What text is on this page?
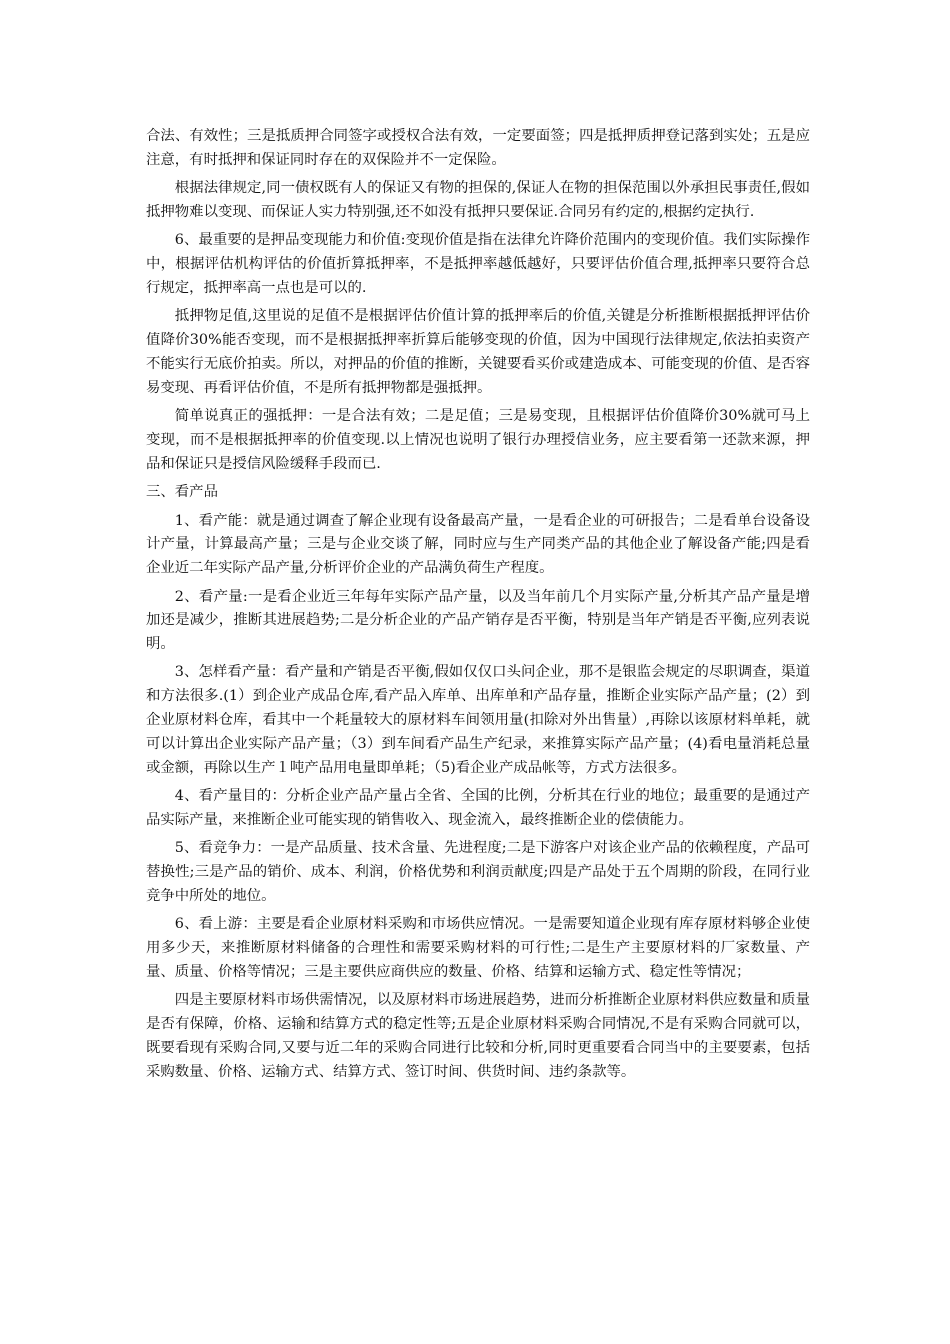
合法、有效性；三是抵质押合同签字或授权合法有效，一定要面签；四是抵押质押登记落到实处；五是应注意，有时抵押和保证同时存在的双保险并不一定保险。

根据法律规定,同一债权既有人的保证又有物的担保的,保证人在物的担保范围以外承担民事责任,假如抵押物难以变现、而保证人实力特别强,还不如没有抵押只要保证.合同另有约定的,根据约定执行.

6、最重要的是押品变现能力和价值:变现价值是指在法律允许降价范围内的变现价值。我们实际操作中，根据评估机构评估的价值折算抵押率，不是抵押率越低越好，只要评估价值合理,抵押率只要符合总行规定，抵押率高一点也是可以的.

抵押物足值,这里说的足值不是根据评估价值计算的抵押率后的价值,关键是分析推断根据抵押评估价值降价30%能否变现，而不是根据抵押率折算后能够变现的价值，因为中国现行法律规定,依法拍卖资产不能实行无底价拍卖。所以，对押品的价值的推断，关键要看买价或建造成本、可能变现的价值、是否容易变现、再看评估价值，不是所有抵押物都是强抵押。

简单说真正的强抵押：一是合法有效；二是足值；三是易变现，且根据评估价值降价30%就可马上变现，而不是根据抵押率的价值变现.以上情况也说明了银行办理授信业务，应主要看第一还款来源，押品和保证只是授信风险缓释手段而已.

三、看产品

1、看产能：就是通过调查了解企业现有设备最高产量，一是看企业的可研报告；二是看单台设备设计产量，计算最高产量；三是与企业交谈了解，同时应与生产同类产品的其他企业了解设备产能;四是看企业近二年实际产品产量,分析评价企业的产品满负荷生产程度。

2、看产量:一是看企业近三年每年实际产品产量，以及当年前几个月实际产量,分析其产品产量是增加还是减少，推断其进展趋势;二是分析企业的产品产销存是否平衡，特别是当年产销是否平衡,应列表说明。

3、怎样看产量：看产量和产销是否平衡,假如仅仅口头问企业，那不是银监会规定的尽职调查，渠道和方法很多.(1）到企业产成品仓库,看产品入库单、出库单和产品存量，推断企业实际产品产量；(2）到企业原材料仓库，看其中一个耗量较大的原材料车间领用量(扣除对外出售量）,再除以该原材料单耗，就可以计算出企业实际产品产量；（3）到车间看产品生产纪录，来推算实际产品产量；(4)看电量消耗总量或金额，再除以生产１吨产品用电量即单耗；（5)看企业产成品帐等，方式方法很多。

4、看产量目的：分析企业产品产量占全省、全国的比例，分析其在行业的地位；最重要的是通过产品实际产量，来推断企业可能实现的销售收入、现金流入，最终推断企业的偿债能力。

5、看竞争力：一是产品质量、技术含量、先进程度;二是下游客户对该企业产品的依赖程度，产品可替换性;三是产品的销价、成本、利润，价格优势和利润贡献度;四是产品处于五个周期的阶段，在同行业竞争中所处的地位。

6、看上游：主要是看企业原材料采购和市场供应情况。一是需要知道企业现有库存原材料够企业使用多少天，来推断原材料储备的合理性和需要采购材料的可行性;二是生产主要原材料的厂家数量、产量、质量、价格等情况；三是主要供应商供应的数量、价格、结算和运输方式、稳定性等情况；

四是主要原材料市场供需情况，以及原材料市场进展趋势，进而分析推断企业原材料供应数量和质量是否有保障，价格、运输和结算方式的稳定性等;五是企业原材料采购合同情况,不是有采购合同就可以，既要看现有采购合同,又要与近二年的采购合同进行比较和分析,同时更重要看合同当中的主要要素，包括采购数量、价格、运输方式、结算方式、签订时间、供货时间、违约条款等。
